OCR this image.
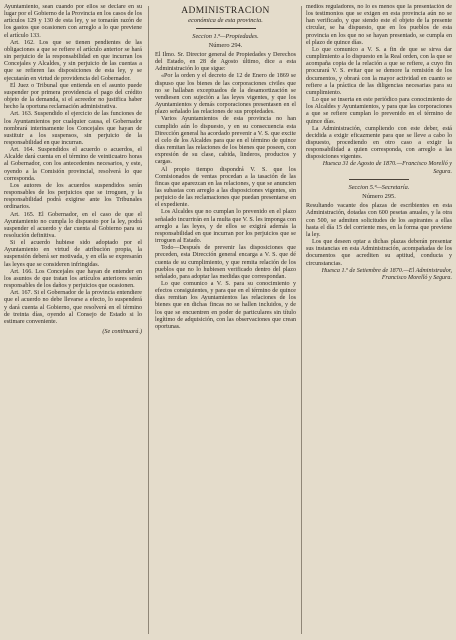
Ayuntamiento, sean cuando por ellos se declare en su lugar por el Gobierno de la Provincia en los casos de los artículos 129 y 130 de esta ley, y se tomarán razón de los gastos que ocasionen con arreglo a lo que previene el artículo 133.

Art. 162. Los que se tienen pendientes de las obligaciones a que se refiere el artículo anterior se hará sin perjuicio de la responsabilidad en que incurran los Concejales y Alcaldes, y sin perjuicio de las cuentas a que se refieren las disposiciones de esta ley, y se ejecutarán en virtud de providencia del Gobernador.

El Juez o Tribunal que entienda en el asunto puede suspender por primera providencia el pago del crédito objeto de la demanda, si el acreedor no justifica haber hecho la oportuna reclamación administrativa.

Art. 163. Suspendido el ejercicio de las funciones de los Ayuntamientos por cualquier causa, el Gobernador nombrará interinamente los Concejales que hayan de sustituir a los suspensos, sin perjuicio de la responsabilidad en que incurran.

Art. 164. Suspendidos el acuerdo o acuerdos, el Alcalde dará cuenta en el término de veinticuatro horas al Gobernador, con los antecedentes necesarios, y este, oyendo a la Comisión provincial, resolverá lo que corresponda.

Los autores de los acuerdos suspendidos serán responsables de los perjuicios que se irroguen, y la responsabilidad podrá exigirse ante los Tribunales ordinarios.

Art. 165. El Gobernador, en el caso de que el Ayuntamiento no cumpla lo dispuesto por la ley, podrá suspender el acuerdo y dar cuenta al Gobierno para su resolución definitiva.

Si el acuerdo hubiese sido adoptado por el Ayuntamiento en virtud de atribución propia, la suspensión deberá ser motivada, y en ella se expresarán las leyes que se consideren infringidas.

Art. 166. Los Concejales que hayan de entender en los asuntos de que tratan los artículos anteriores serán responsables de los daños y perjuicios que ocasionen.

Art. 167. Si el Gobernador de la provincia entendiere que el acuerdo no debe llevarse a efecto, lo suspenderá y dará cuenta al Gobierno, que resolverá en el término de treinta días, oyendo al Consejo de Estado si lo estimare conveniente.

(Se continuará.)
ADMINISTRACION
económica de esta provincia.
Seccion 1.ª—Propiedades.
Número 294.

El Ilmo. Sr. Director general de Propiedades y Derechos del Estado, en 28 de Agosto último, dice a esta Administración lo que sigue:

«Por la orden y el decreto de 12 de Enero de 1869 se dispuso que los bienes de las corporaciones civiles que no se hallaban exceptuados de la desamortización se vendiesen con sujeción a las leyes vigentes, y que los Ayuntamientos y demás corporaciones presentasen en el plazo señalado las relaciones de sus propiedades.

Varios Ayuntamientos de esta provincia no han cumplido aún lo dispuesto, y en su consecuencia esta Dirección general ha acordado prevenir a V. S. que excite el celo de los Alcaldes para que en el término de quince días remitan las relaciones de los bienes que poseen, con expresión de su clase, cabida, linderos, productos y cargas.

Al propio tiempo dispondrá V. S. que los Comisionados de ventas procedan a la tasación de las fincas que aparezcan en las relaciones, y que se anuncien las subastas con arreglo a las disposiciones vigentes, sin perjuicio de las reclamaciones que puedan presentarse en el expediente.

Los Alcaldes que no cumplan lo prevenido en el plazo señalado incurrirán en la multa que V. S. les imponga con arreglo a las leyes, y de ellos se exigirá además la responsabilidad en que incurran por los perjuicios que se irroguen al Estado.

Todo—Después de prevenir las disposiciones que preceden, esta Dirección general encarga a V. S. que dé cuenta de su cumplimiento, y que remita relación de los pueblos que no lo hubiesen verificado dentro del plazo señalado, para adoptar las medidas que correspondan.

Lo que comunico a V. S. para su conocimiento y efectos consiguientes, y para que en el término de quince días remitan los Ayuntamientos las relaciones de los bienes que en dichas fincas no se hallen incluidos, y de los que se encuentren en poder de particulares sin título legítimo de adquisición, con las observaciones que crean oportunas.

medios reguladores, no lo es menos que la presentación de los testimonios que se exigen en esta provincia aún no se han verificado, y que siendo este el objeto de la presente circular, se ha dispuesto, que en los pueblos de esta provincia en los que no se hayan presentado, se cumpla en el plazo de quince días.

Lo que comunico a V. S. a fin de que se sirva dar cumplimiento a lo dispuesto en la Real orden, con la que se acompaña copia de la relación a que se refiere, a cuyo fin procurará V. S. evitar que se demore la remisión de los documentos, y obrará con la mayor actividad en cuanto se refiere a la práctica de las diligencias necesarias para su cumplimiento.

Lo que se inserta en este periódico para conocimiento de los Alcaldes y Ayuntamientos, y para que las corporaciones a que se refiere cumplan lo prevenido en el término de quince días.

La Administración, cumpliendo con este deber, está decidida a exigir eficazmente para que se lleve a cabo lo dispuesto, procediendo en otro caso a exigir la responsabilidad a quien corresponda, con arreglo a las disposiciones vigentes.

Huesca 31 de Agosto de 1870.—Francisco Morelló y Segura.
Seccion 5.ª—Secretaría.
Número 295.

Resultando vacante dos plazas de escribientes en esta Administración, dotadas con 600 pesetas anuales, y la otra con 500, se admiten solicitudes de los aspirantes a ellas hasta el día 15 del corriente mes, en la forma que previene la ley.

Los que deseen optar a dichas plazas deberán presentar sus instancias en esta Administración, acompañadas de los documentos que acrediten su aptitud, conducta y circunstancias.

Huesca 1.º de Setiembre de 1870.—El Administrador, Francisco Morelló y Segura.
